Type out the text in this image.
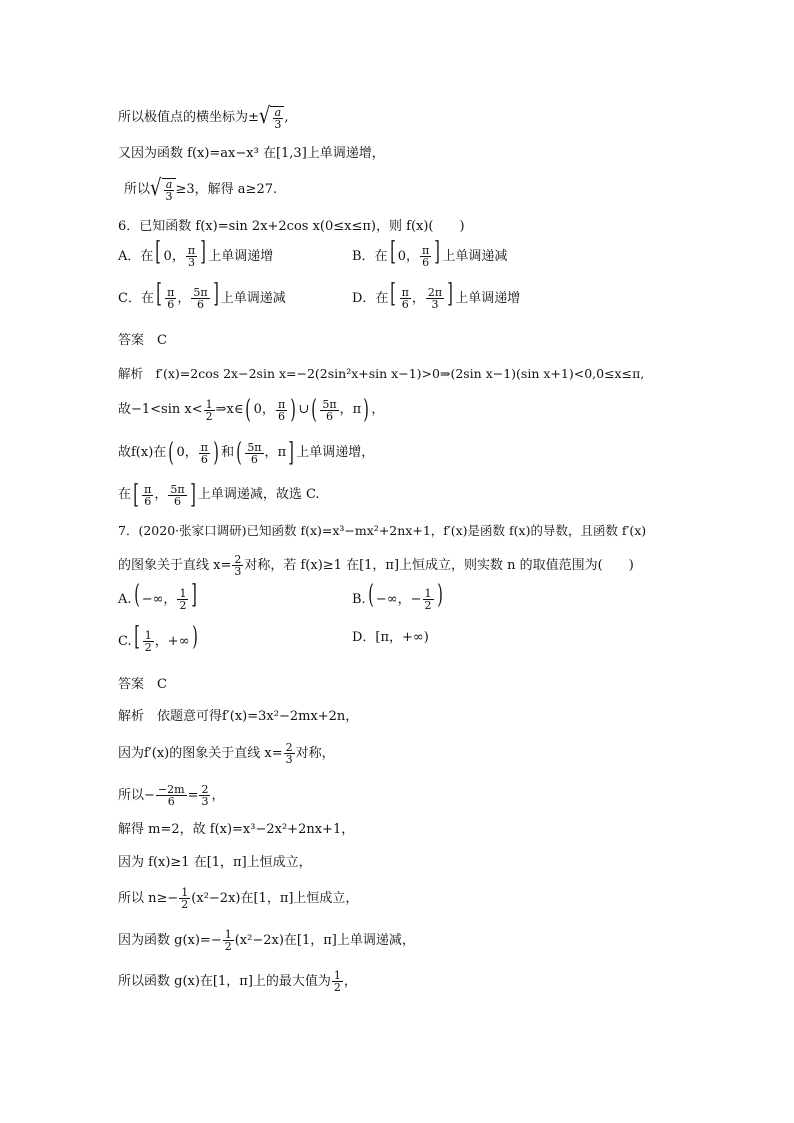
所以极值点的横坐标为± √ $\frac{a}{3}$ ,
又因为函数 f(x)=ax−x³ 在[1,3]上单调递增，
所以 √ $\frac{a}{3} \ge 3$，解得 a≥27.
6．已知函数 f(x)=sin 2x+2cos x(0≤x≤π)，则 f(x)(　　)
A．在[ 0， $\frac{\pi}{3}$ ] 上单调递增	B．在[ 0， $\frac{\pi}{6}$ ] 上单调递减
C．在[ $\frac{\pi}{6}$ ， $\frac{5\pi}{6}$ ] 上单调递减	D．在[ $\frac{\pi}{6}$ ， $\frac{2\pi}{3}$ ] 上单调递增
答案　C
解析　f′(x)=2cos 2x−2sin x=−2(2sin²x+sin x−1)>0⇒(2sin x−1)(sin x+1)<0,0≤x≤π,
故−1<sin $x< \frac{1}{2}$ ⇒x∈ ( 0 ， $\frac{\pi}{6}$ ) ∪ ( $\frac{5\pi}{6}$ ， π ) ，
故f(x)在 ( 0 ， $\frac{\pi}{6}$ ) 和 ( $\frac{5\pi}{6}$ ， π ] 上单调递增，
在 [ $\frac{\pi}{6}$ ， $\frac{5\pi}{6}$ ] 上单调递减，故选 C.
7．(2020·张家口调研)已知函数 f(x)=x³−mx²+2nx+1，f′(x)是函数 f(x)的导数，且函数 f′(x)
的图象关于直线 $x= \frac{2}{3}$ 对称，若 f(x)≥1 在[1，π]上恒成立，则实数 n 的取值范围为(　　)
A.( −∞， $\frac{1}{2}$ ]	B.( −∞，− $\frac{1}{2}$ )
$C.[ \frac{1}{2}$ ，+∞)	D．[π，+∞)
答案　C
解析　依题意可得f′(x)=3x²−2mx+2n，
因为f′(x)的图象关于直线 $x= \frac{2}{3}$ 对称，
所以 − $\frac{-2m}{6} = \frac{2}{3}$ ，
解得 m=2，故 f(x)=x³−2x²+2nx+1，
因为 f(x)≥1 在[1，π]上恒成立，
所以 $n\ge- \frac{1}{2} (x^2-2x)$在[1，π]上恒成立，
因为函数 $g(x)=- \frac{1}{2} (x^2-2x)$在[1，π]上单调递减，
所以函数 g(x)在[1，π]上的最大值为 $\frac{1}{2}$ ，
